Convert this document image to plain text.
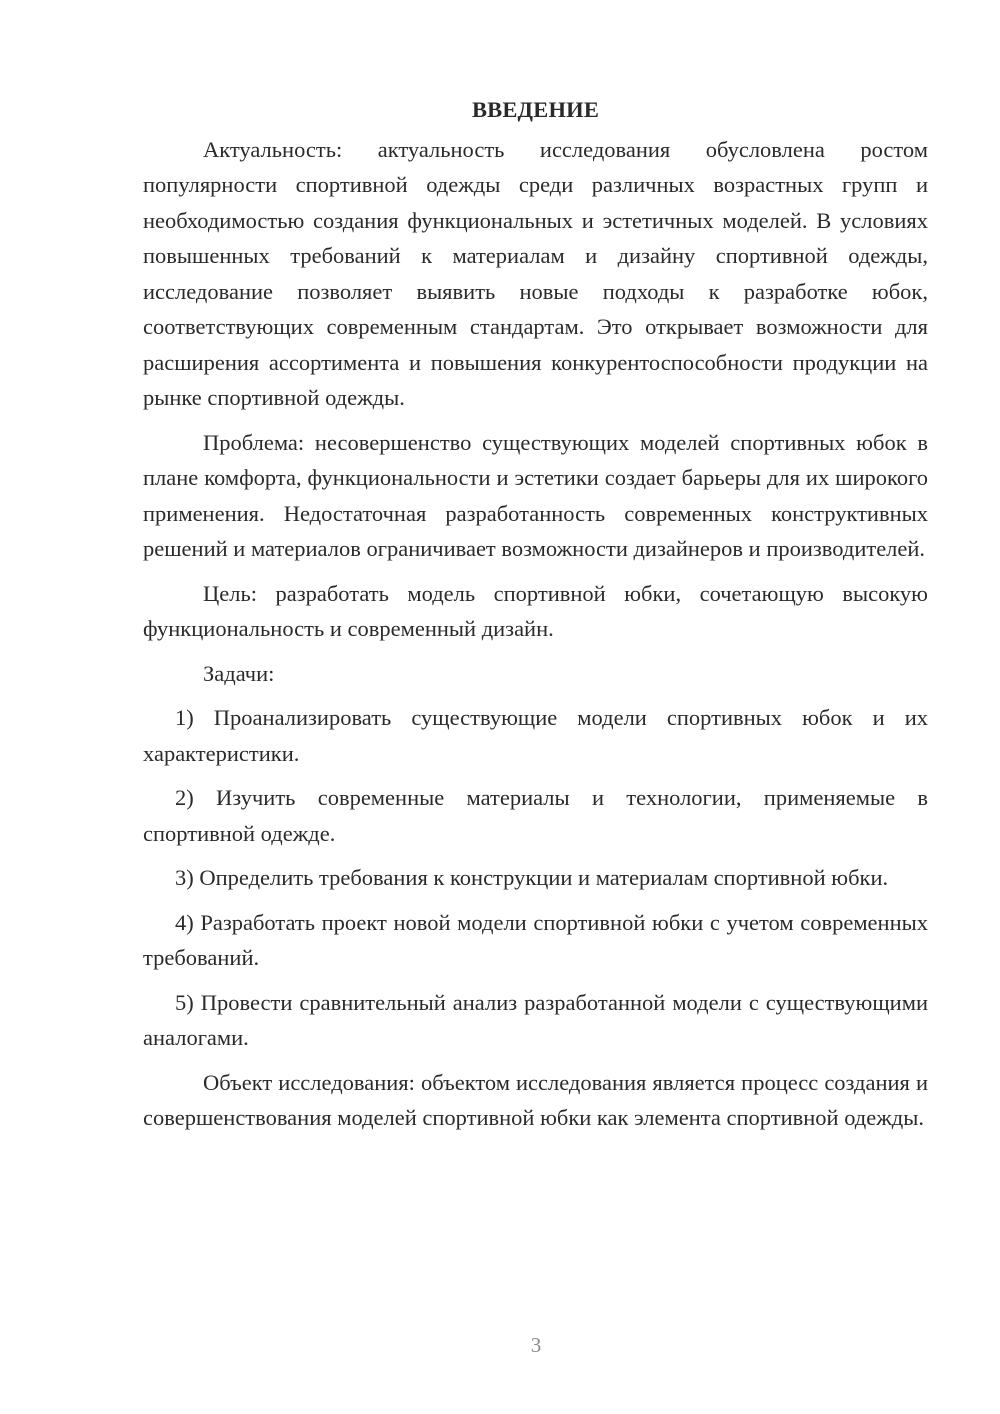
ВВЕДЕНИЕ

Актуальность: актуальность исследования обусловлена ростом популярности спортивной одежды среди различных возрастных групп и необходимостью создания функциональных и эстетичных моделей. В условиях повышенных требований к материалам и дизайну спортивной одежды, исследование позволяет выявить новые подходы к разработке юбок, соответствующих современным стандартам. Это открывает возможности для расширения ассортимента и повышения конкурентоспособности продукции на рынке спортивной одежды.

Проблема: несовершенство существующих моделей спортивных юбок в плане комфорта, функциональности и эстетики создает барьеры для их широкого применения. Недостаточная разработанность современных конструктивных решений и материалов ограничивает возможности дизайнеров и производителей.

Цель: разработать модель спортивной юбки, сочетающую высокую функциональность и современный дизайн.

Задачи:

1) Проанализировать существующие модели спортивных юбок и их характеристики.

2) Изучить современные материалы и технологии, применяемые в спортивной одежде.

3) Определить требования к конструкции и материалам спортивной юбки.

4) Разработать проект новой модели спортивной юбки с учетом современных требований.

5) Провести сравнительный анализ разработанной модели с существующими аналогами.

Объект исследования: объектом исследования является процесс создания и совершенствования моделей спортивной юбки как элемента спортивной одежды.

3
